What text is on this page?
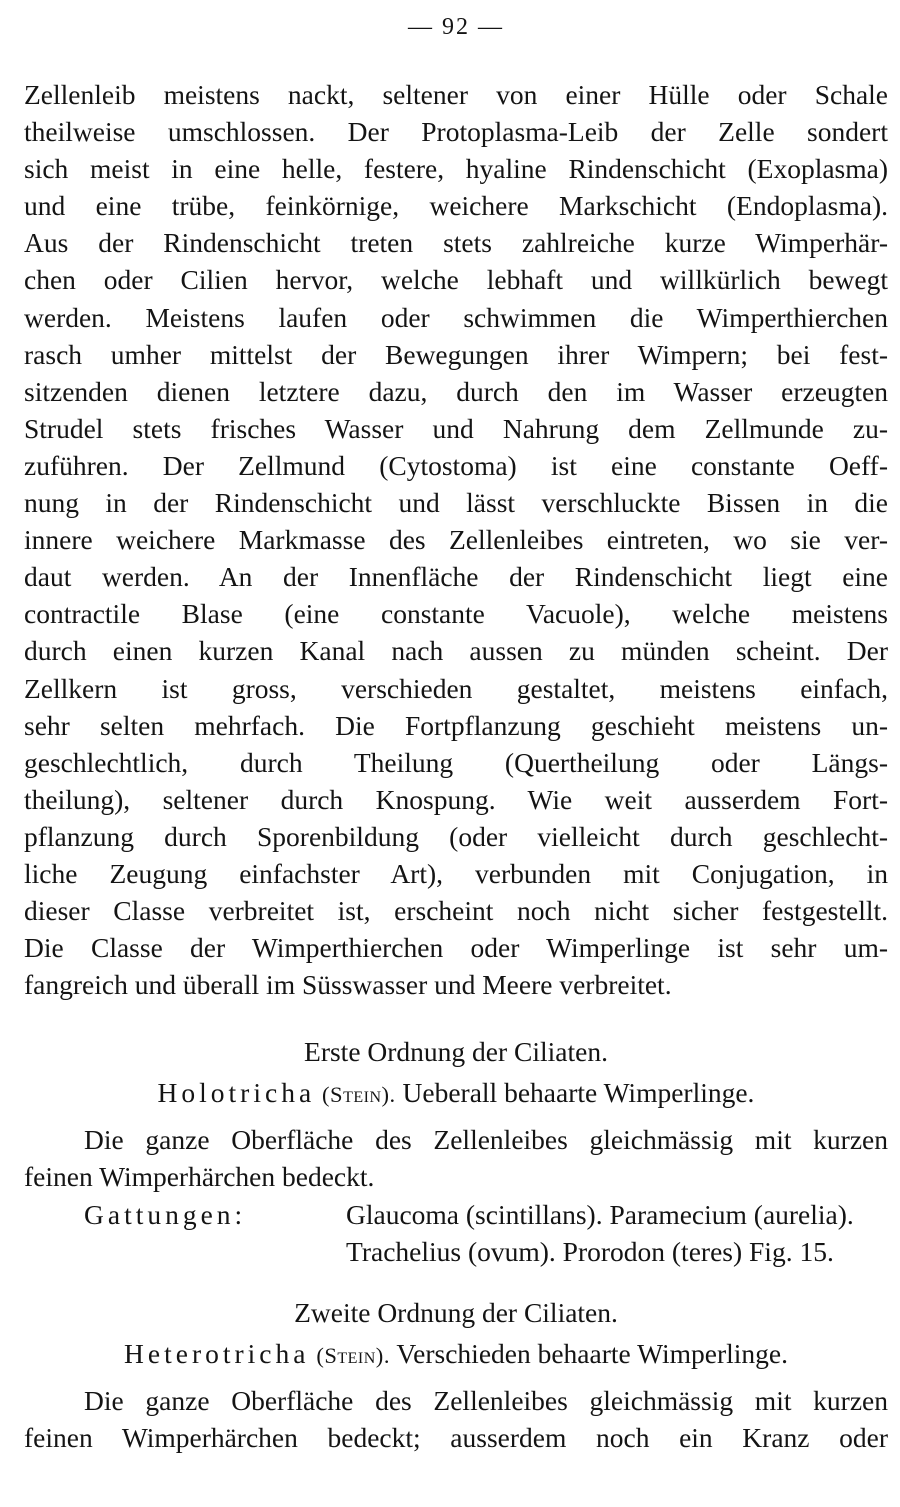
— 92 —
Zellenleib meistens nackt, seltener von einer Hülle oder Schale
theilweise umschlossen. Der Protoplasma-Leib der Zelle sondert
sich meist in eine helle, festere, hyaline Rindenschicht (Exoplasma)
und eine trübe, feinkörnige, weichere Markschicht (Endoplasma).
Aus der Rindenschicht treten stets zahlreiche kurze Wimperhär-
chen oder Cilien hervor, welche lebhaft und willkürlich bewegt
werden. Meistens laufen oder schwimmen die Wimperthierchen
rasch umher mittelst der Bewegungen ihrer Wimpern; bei fest-
sitzenden dienen letztere dazu, durch den im Wasser erzeugten
Strudel stets frisches Wasser und Nahrung dem Zellmunde zu-
zuführen. Der Zellmund (Cytostoma) ist eine constante Oeff-
nung in der Rindenschicht und lässt verschluckte Bissen in die
innere weichere Markmasse des Zellenleibes eintreten, wo sie ver-
daut werden. An der Innenfläche der Rindenschicht liegt eine
contractile Blase (eine constante Vacuole), welche meistens
durch einen kurzen Kanal nach aussen zu münden scheint. Der
Zellkern ist gross, verschieden gestaltet, meistens einfach,
sehr selten mehrfach. Die Fortpflanzung geschieht meistens un-
geschlechtlich, durch Theilung (Quertheilung oder Längs-
theilung), seltener durch Knospung. Wie weit ausserdem Fort-
pflanzung durch Sporenbildung (oder vielleicht durch geschlecht-
liche Zeugung einfachster Art), verbunden mit Conjugation, in
dieser Classe verbreitet ist, erscheint noch nicht sicher festgestellt.
Die Classe der Wimperthierchen oder Wimperlinge ist sehr um-
fangreich und überall im Süsswasser und Meere verbreitet.
Erste Ordnung der Ciliaten.
Holotricha (Stein). Ueberall behaarte Wimperlinge.
Die ganze Oberfläche des Zellenleibes gleichmässig mit kurzen
feinen Wimperhärchen bedeckt.
Gattungen:	Glaucoma (scintillans). Paramecium (aurelia).
Trachelius (ovum). Prorodon (teres) Fig. 15.
Zweite Ordnung der Ciliaten.
Heterotricha (Stein). Verschieden behaarte Wimperlinge.
Die ganze Oberfläche des Zellenleibes gleichmässig mit kurzen
feinen Wimperhärchen bedeckt; ausserdem noch ein Kranz oder
